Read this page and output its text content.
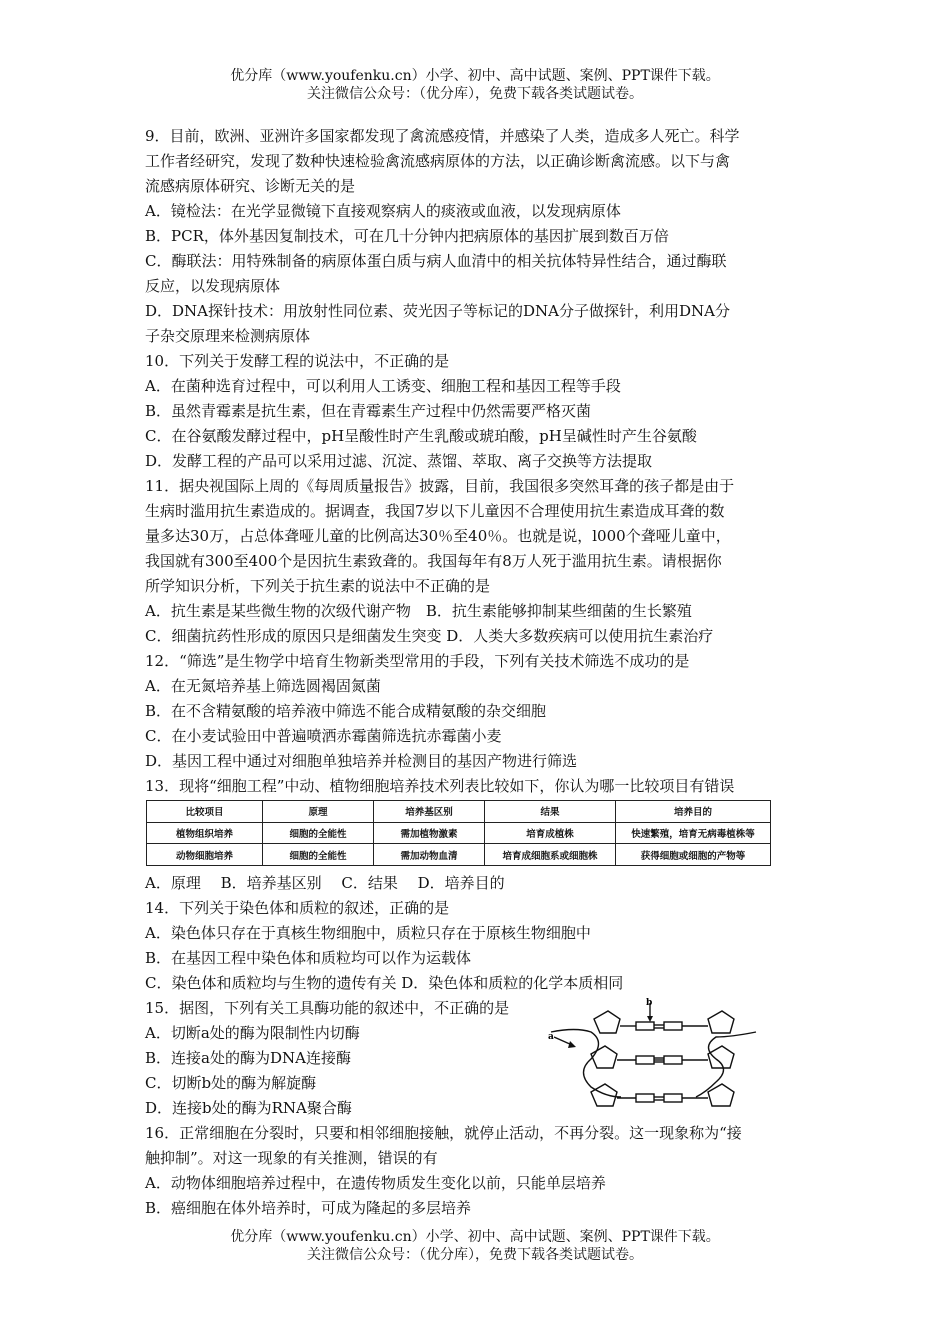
优分库（www.youfenku.cn）小学、初中、高中试题、案例、PPT课件下载。
关注微信公众号：（优分库），免费下载各类试题试卷。
9．目前，欧洲、亚洲许多国家都发现了禽流感疫情，并感染了人类，造成多人死亡。科学
工作者经研究，发现了数种快速检验禽流感病原体的方法，以正确诊断禽流感。以下与禽
流感病原体研究、诊断无关的是
A．镜检法：在光学显微镜下直接观察病人的痰液或血液，以发现病原体
B．PCR，体外基因复制技术，可在几十分钟内把病原体的基因扩展到数百万倍
C．酶联法：用特殊制备的病原体蛋白质与病人血清中的相关抗体特异性结合，通过酶联
反应，以发现病原体
D．DNA探针技术：用放射性同位素、荧光因子等标记的DNA分子做探针，利用DNA分
子杂交原理来检测病原体
10．下列关于发酵工程的说法中，不正确的是
A．在菌种选育过程中，可以利用人工诱变、细胞工程和基因工程等手段
B．虽然青霉素是抗生素，但在青霉素生产过程中仍然需要严格灭菌
C．在谷氨酸发酵过程中，pH呈酸性时产生乳酸或琥珀酸，pH呈碱性时产生谷氨酸
D．发酵工程的产品可以采用过滤、沉淀、蒸馏、萃取、离子交换等方法提取
11．据央视国际上周的《每周质量报告》披露，目前，我国很多突然耳聋的孩子都是由于
生病时滥用抗生素造成的。据调查，我国7岁以下儿童因不合理使用抗生素造成耳聋的数
量多达30万，占总体聋哑儿童的比例高达30％至40％。也就是说，l000个聋哑儿童中，
我国就有300至400个是因抗生素致聋的。我国每年有8万人死于滥用抗生素。请根据你
所学知识分析，下列关于抗生素的说法中不正确的是
A．抗生素是某些微生物的次级代谢产物　B．抗生素能够抑制某些细菌的生长繁殖
C．细菌抗药性形成的原因只是细菌发生突变 D．人类大多数疾病可以使用抗生素治疗
12．“筛选”是生物学中培育生物新类型常用的手段，下列有关技术筛选不成功的是
A．在无氮培养基上筛选圆褐固氮菌
B．在不含精氨酸的培养液中筛选不能合成精氨酸的杂交细胞
C．在小麦试验田中普遍喷洒赤霉菌筛选抗赤霉菌小麦
D．基因工程中通过对细胞单独培养并检测目的基因产物进行筛选
13．现将“细胞工程”中动、植物细胞培养技术列表比较如下，你认为哪一比较项目有错误
比较项目	原理	培养基区别	结果	培养目的
植物组织培养	细胞的全能性	需加植物激素	培育成植株	快速繁殖，培育无病毒植株等
动物细胞培养	细胞的全能性	需加动物血清	培育成细胞系或细胞株	获得细胞或细胞的产物等
A．原理　 B．培养基区别　 C．结果　 D．培养目的
14．下列关于染色体和质粒的叙述，正确的是
A．染色体只存在于真核生物细胞中，质粒只存在于原核生物细胞中
B．在基因工程中染色体和质粒均可以作为运载体
C．染色体和质粒均与生物的遗传有关 D．染色体和质粒的化学本质相同
15．据图，下列有关工具酶功能的叙述中，不正确的是
A．切断a处的酶为限制性内切酶
B．连接a处的酶为DNA连接酶
C．切断b处的酶为解旋酶
D．连接b处的酶为RNA聚合酶
16．正常细胞在分裂时，只要和相邻细胞接触，就停止活动，不再分裂。这一现象称为“接
触抑制”。对这一现象的有关推测，错误的有
A．动物体细胞培养过程中，在遗传物质发生变化以前，只能单层培养
B．癌细胞在体外培养时，可成为隆起的多层培养
b
a
优分库（www.youfenku.cn）小学、初中、高中试题、案例、PPT课件下载。
关注微信公众号：（优分库），免费下载各类试题试卷。
